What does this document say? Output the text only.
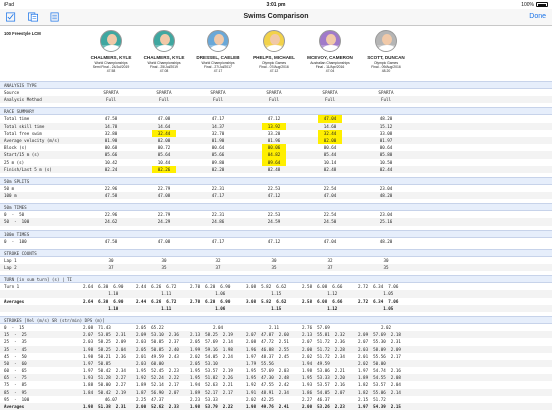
iPad	3:01 pm	100%
Swims Comparison	Done
100 Freestyle LCM
CHALMERS, KYLE
World Championships
Semi Final - 24/Jul/2019
47.58
CHALMERS, KYLE
World Championships
Final - 25/Jul/2019
47.08
DRESSEL, CAELEB
World Championships
Final - 27/Jul/2017
47.17
PHELPS, MICHAEL
Olympic Games
Final - 07/Aug/2016
47.12
MCEVOY, CAMERON
Australian Championships
Final - 11/Apr/2016
47.04
SCOTT, DUNCAN
Olympic Games
Final - 09/Aug/2016
48.20
ANALYSIS TYPE
Source	SPARTA	SPARTA	SPARTA	SPARTA	SPARTA	SPARTA
Analysis Method	Full	Full	Full	Full	Full	Full
RACE SUMMARY
Total time	47.58	47.08	47.17	47.12	47.04	48.20
Total skill time	14.78	14.64	14.37	13.92	14.60	15.12
Total free swim	32.80	32.44	32.70	33.20	32.44	33.08
Average velocity (m/s)	01.90	02.00	01.90	01.96	02.00	01.97
Block (s)	00.68	00.72	00.64	00.06	00.64	00.64
Start/15 m (s)	05.66	05.64	05.66	04.82	05.44	05.80
25 m (s)	10.42	10.44	09.80	09.64	10.14	10.50
Finish/Last 5 m (s)	02.24	02.26	02.20	02.48	02.48	02.44
50m SPLITS
50 m	22.96	22.79	22.31	22.53	22.54	23.04
100 m	47.58	47.08	47.17	47.12	47.04	48.20
50m TIMES
0  -  50	22.96	22.79	22.31	22.53	22.54	23.04
50  -  100	24.62	24.29	24.86	24.59	24.50	25.16
100m TIMES
0  -  100	47.58	47.08	47.17	47.12	47.04	48.20
STROKE COUNTS
Lap 1	30	30	32	30	32	30
Lap 2	37	35	37	35	37	35
TURN [in sum turn] (s) | TI
Turn 1	2.64  6.30  6.90	2.44  6.26  6.72	2.70  6.20  6.90	3.08  5.82  6.62	2.58  6.08  6.66	2.72  6.34  7.06
1.10	1.11	1.06	1.15	1.12	1.05
Averages	2.64  6.30  6.90	2.44  6.26  6.72	2.70  6.20  6.90	3.08  5.82  6.62	2.58  6.08  6.66	2.72  6.34  7.06
1.10	1.11	1.06	1.15	1.12	1.05
STROKES [Vel (m/s) SR (str/min) DPS (m)]
0  -  15	2.08  71.43	2.05  65.22	2.04	2.11	2.76  57.69	2.02
15  -  25	2.07  53.85  2.31	2.09  53.10  2.36	2.13  58.25  2.19	2.07  47.87  2.60	2.13  55.81  2.32	2.09  57.69  2.18
25  -  35	2.03  58.25  2.09	2.03  50.85  2.37	2.05  57.69  2.14	2.08  47.72  2.51	2.07  51.72  2.36	2.07  55.30  2.31
35  -  45	1.98  58.25  2.04	2.05  50.85  2.40	1.99  59.16  1.98	1.96  46.88  2.55	2.00  51.72  2.28	2.03  58.09  2.09
45  -  50	1.98  50.21  2.36	2.01  49.59  2.43	2.02  54.05  2.24	1.97  48.37  2.45	2.02  51.72  2.34	2.01  55.56  2.17
50  -  60	1.97  50.85	2.03  60.00	2.05  53.10	1.79  55.56	1.94  49.59	2.02  50.00
60  -  65	1.97  50.42  2.34	1.95  52.45  2.23	1.95  53.57  2.19	1.95  57.69  2.03	1.98  53.06  2.21	1.97  54.74  2.16
65  -  75	1.93  51.28  2.27	1.92  52.24  2.22	1.95  51.82  2.26	1.95  47.30  2.48	1.95  53.33  2.20	1.89  54.55  2.08
75  -  85	1.88  50.00  2.27	1.89  52.14  2.17	1.94  52.63  2.21	1.92  47.55  2.42	1.93  53.57  2.16	1.82  53.57  2.04
85  -  95	1.84  50.42  2.19	1.87  56.90  2.07	1.89  52.17  2.17	1.91  48.91  2.34	1.86  54.05  2.07	1.82  55.06  2.14
95  -  100	46.07	2.25  47.37	2.23  53.33	2.02  42.25	2.27  46.37	2.15  51.72
Averages	1.98  51.38  2.31	2.00  52.62  2.33	1.98  53.79  2.22	1.98  49.76  2.41	2.00  53.26  2.23	1.97  54.39  2.15
